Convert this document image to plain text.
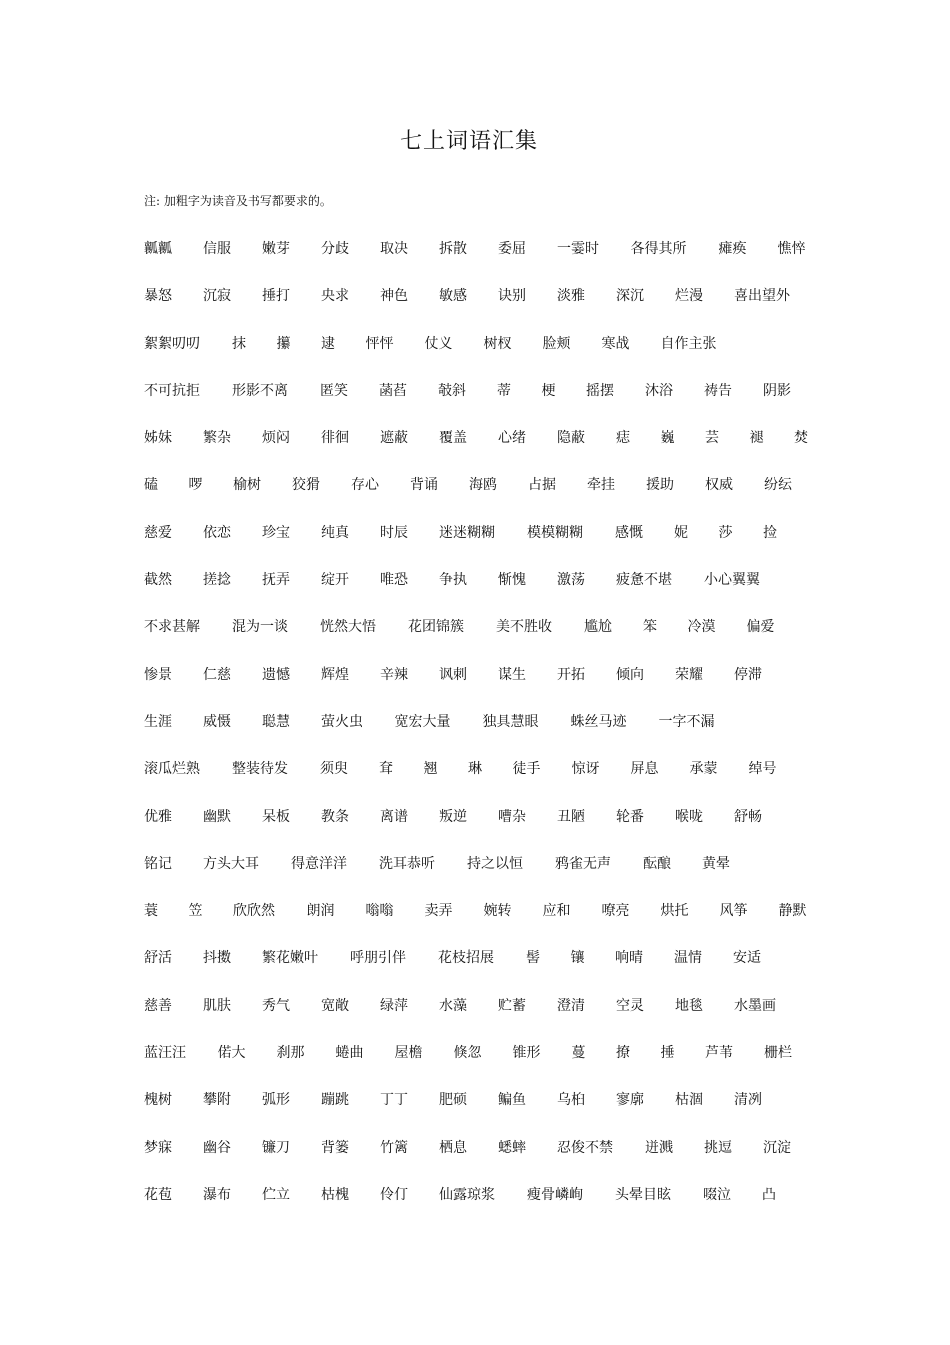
七上词语汇集
注: 加粗字为读音及书写都要求的。
瓤瓤 信服 嫩芽 分歧 取决 拆散 委屈 一霎时 各得其所 瘫痪 憔悴
暴怒 沉寂 捶打 央求 神色 敏感 诀别 淡雅 深沉 烂漫 喜出望外
絮絮叨叨 抹 攥 逮 怦怦 仗义 树杈 脸颊 寒战 自作主张
不可抗拒 形影不离 匿笑 菡萏 攲斜 蒂 梗 摇摆 沐浴 祷告 阴影
姊妹 繁杂 烦闷 徘徊 遮蔽 覆盖 心绪 隐蔽 痣 巍 芸 褪 焚
磕 啰 榆树 狡猾 存心 背诵 海鸥 占据 牵挂 援助 权威 纷纭
慈爱 依恋 珍宝 纯真 时辰 迷迷糊糊 模模糊糊 感慨 妮 莎 捡
截然 搓捻 抚弄 绽开 唯恐 争执 惭愧 激荡 疲惫不堪 小心翼翼
不求甚解 混为一谈 恍然大悟 花团锦簇 美不胜收 尴尬 笨 冷漠 偏爱
惨景 仁慈 遗憾 辉煌 辛辣 讽刺 谋生 开拓 倾向 荣耀 停滞
生涯 威慑 聪慧 萤火虫 宽宏大量 独具慧眼 蛛丝马迹 一字不漏
滚瓜烂熟 整装待发 须臾 耷 翘 琳 徒手 惊讶 屏息 承蒙 绰号
优雅 幽默 呆板 教条 离谱 叛逆 嘈杂 丑陋 轮番 喉咙 舒畅
铭记 方头大耳 得意洋洋 洗耳恭听 持之以恒 鸦雀无声 酝酿 黄晕
蓑 笠 欣欣然 朗润 嗡嗡 卖弄 婉转 应和 嘹亮 烘托 风筝 静默
舒活 抖擞 繁花嫩叶 呼朋引伴 花枝招展 髻 镶 响晴 温情 安适
慈善 肌肤 秀气 宽敞 绿萍 水藻 贮蓄 澄清 空灵 地毯 水墨画
蓝汪汪 偌大 刹那 蜷曲 屋檐 倏忽 锥形 蔓 撩 捶 芦苇 栅栏
槐树 攀附 弧形 蹦跳 丁丁 肥硕 鳊鱼 乌桕 寥廓 枯涸 清冽
梦寐 幽谷 镰刀 背篓 竹篱 栖息 蟋蟀 忍俊不禁 迸溅 挑逗 沉淀
花苞 瀑布 伫立 枯槐 伶仃 仙露琼浆 瘦骨嶙峋 头晕目眩 啜泣 凸
